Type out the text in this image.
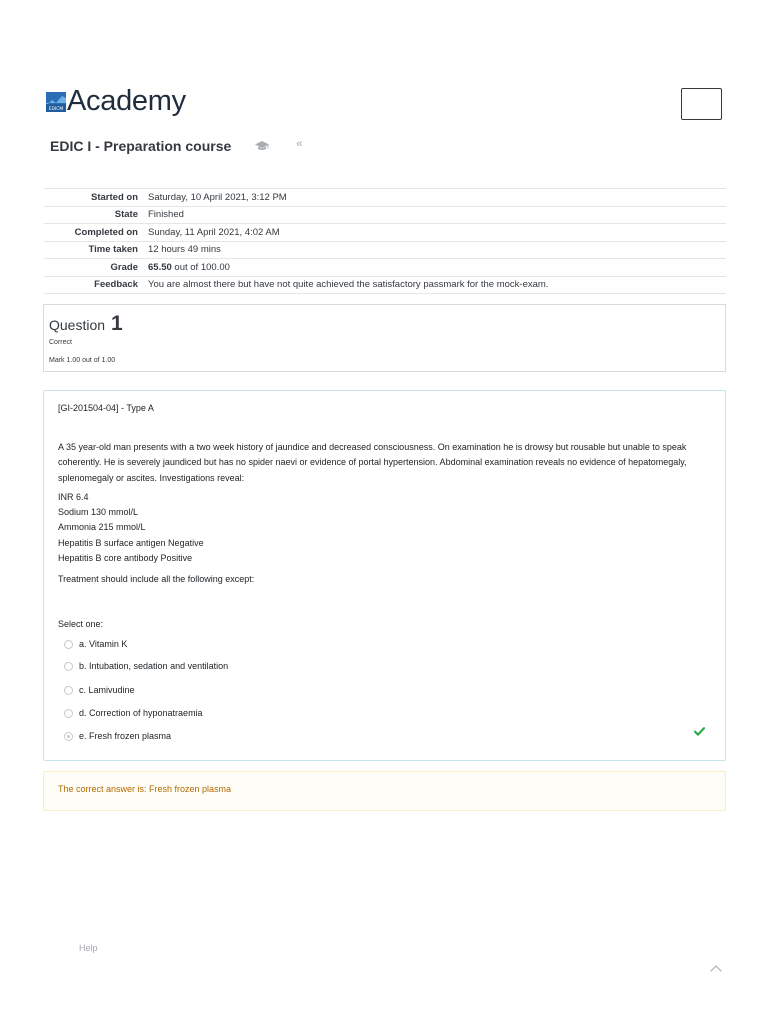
EDICM Academy
EDIC I - Preparation course	«
Started on	Saturday, 10 April 2021, 3:12 PM
State	Finished
Completed on	Sunday, 11 April 2021, 4:02 AM
Time taken	12 hours 49 mins
Grade	65.50 out of 100.00
Feedback	You are almost there but have not quite achieved the satisfactory passmark for the mock-exam.
Question 1
Correct
Mark 1.00 out of 1.00
[GI-201504-04] - Type A
A 35 year-old man presents with a two week history of jaundice and decreased consciousness. On examination he is drowsy but rousable but unable to speak coherently. He is severely jaundiced but has no spider naevi or evidence of portal hypertension. Abdominal examination reveals no evidence of hepatomegaly, splenomegaly or ascites. Investigations reveal:
INR 6.4
Sodium 130 mmol/L
Ammonia 215 mmol/L
Hepatitis B surface antigen Negative
Hepatitis B core antibody Positive
Treatment should include all the following except:
Select one:
a. Vitamin K
b. Intubation, sedation and ventilation
c. Lamivudine
d. Correction of hyponatraemia
e. Fresh frozen plasma
The correct answer is: Fresh frozen plasma
Help
